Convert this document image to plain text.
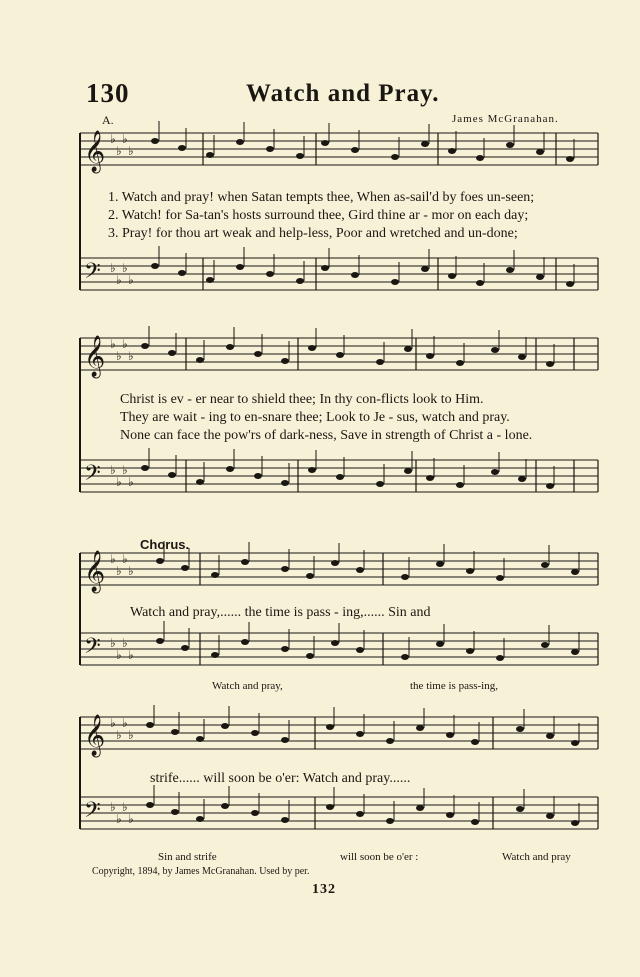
130	Watch and Pray.
A.	James McGranahan.
𝄞
𝄢
♭
♭
♭
♭
♭
♭
♭
♭
𝄞
𝄢
♭
♭
♭
♭
♭
♭
♭
♭
𝄞
𝄢
♭
♭
♭
♭
♭
♭
♭
♭
𝄞
𝄢
♭
♭
♭
♭
♭
♭
♭
♭
1. Watch and pray! when Satan tempts thee, When as-sail'd by foes un-seen;
2. Watch! for Sa-tan's hosts surround thee, Gird thine ar - mor on each day;
3. Pray! for thou art weak and help-less, Poor and wretched and un-done;
Christ is ev - er near to shield thee; In thy con-flicts look to Him.
They are wait - ing to en-snare thee; Look to Je - sus, watch and pray.
None can face the pow'rs of dark-ness, Save in strength of Christ a - lone.
Chorus.
Watch and pray,...... the time is pass - ing,...... Sin and
Watch and pray,	the time is pass-ing,
strife...... will soon be o'er: Watch and pray......
Sin and strife	will soon be o'er :	Watch and pray
Copyright, 1894, by James McGranahan. Used by per.
132
